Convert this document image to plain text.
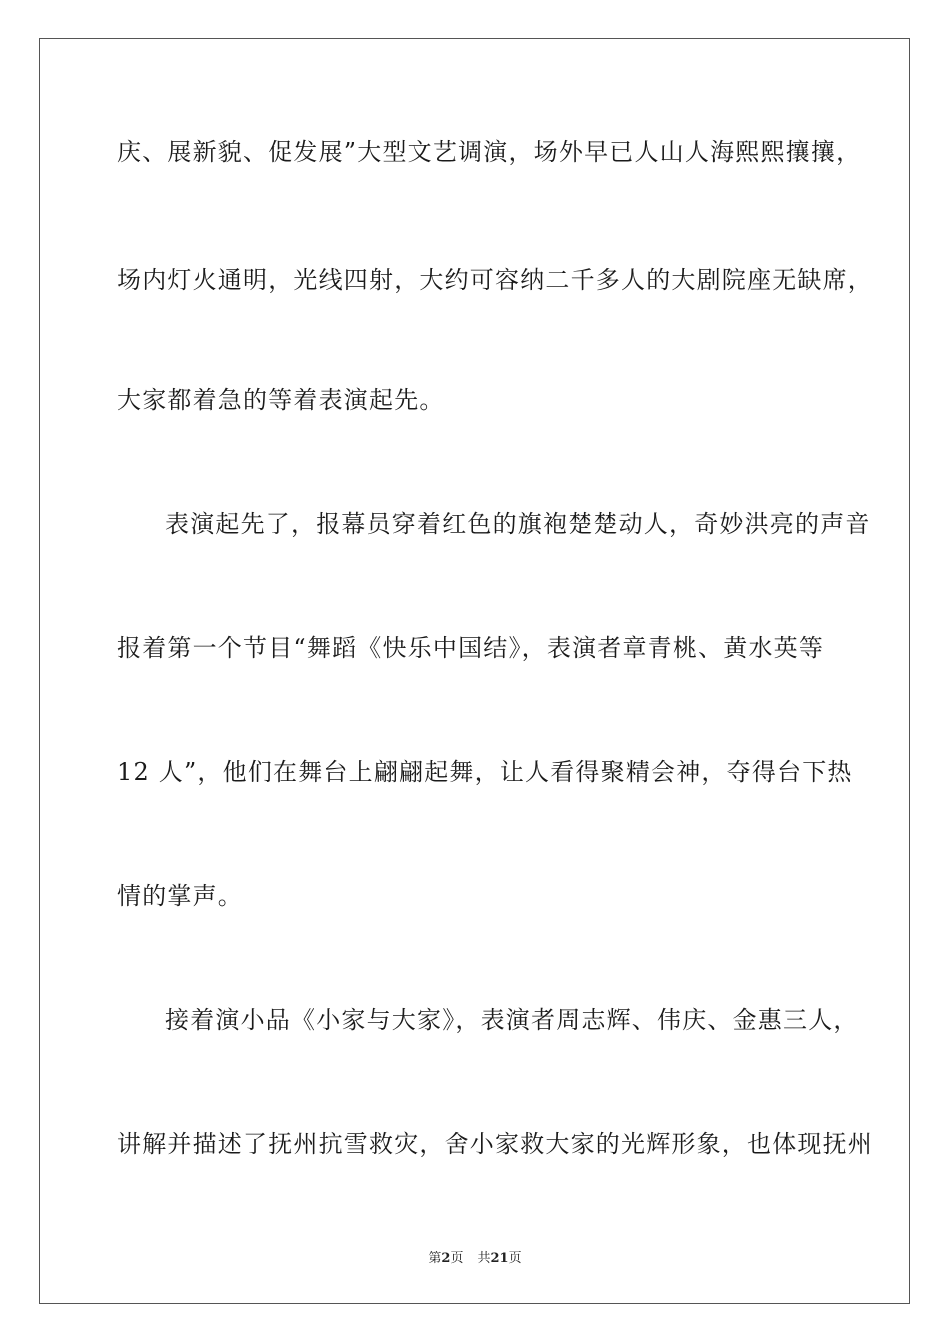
庆、展新貌、促发展”大型文艺调演，场外早已人山人海熙熙攘攘，
场内灯火通明，光线四射，大约可容纳二千多人的大剧院座无缺席，
大家都着急的等着表演起先。
表演起先了，报幕员穿着红色的旗袍楚楚动人，奇妙洪亮的声音
报着第一个节目“舞蹈《快乐中国结》，表演者章青桃、黄水英等
12 人”，他们在舞台上翩翩起舞，让人看得聚精会神，夺得台下热
情的掌声。
接着演小品《小家与大家》，表演者周志辉、伟庆、金惠三人，
讲解并描述了抚州抗雪救灾，舍小家救大家的光辉形象，也体现抚州
第2页 共21页
